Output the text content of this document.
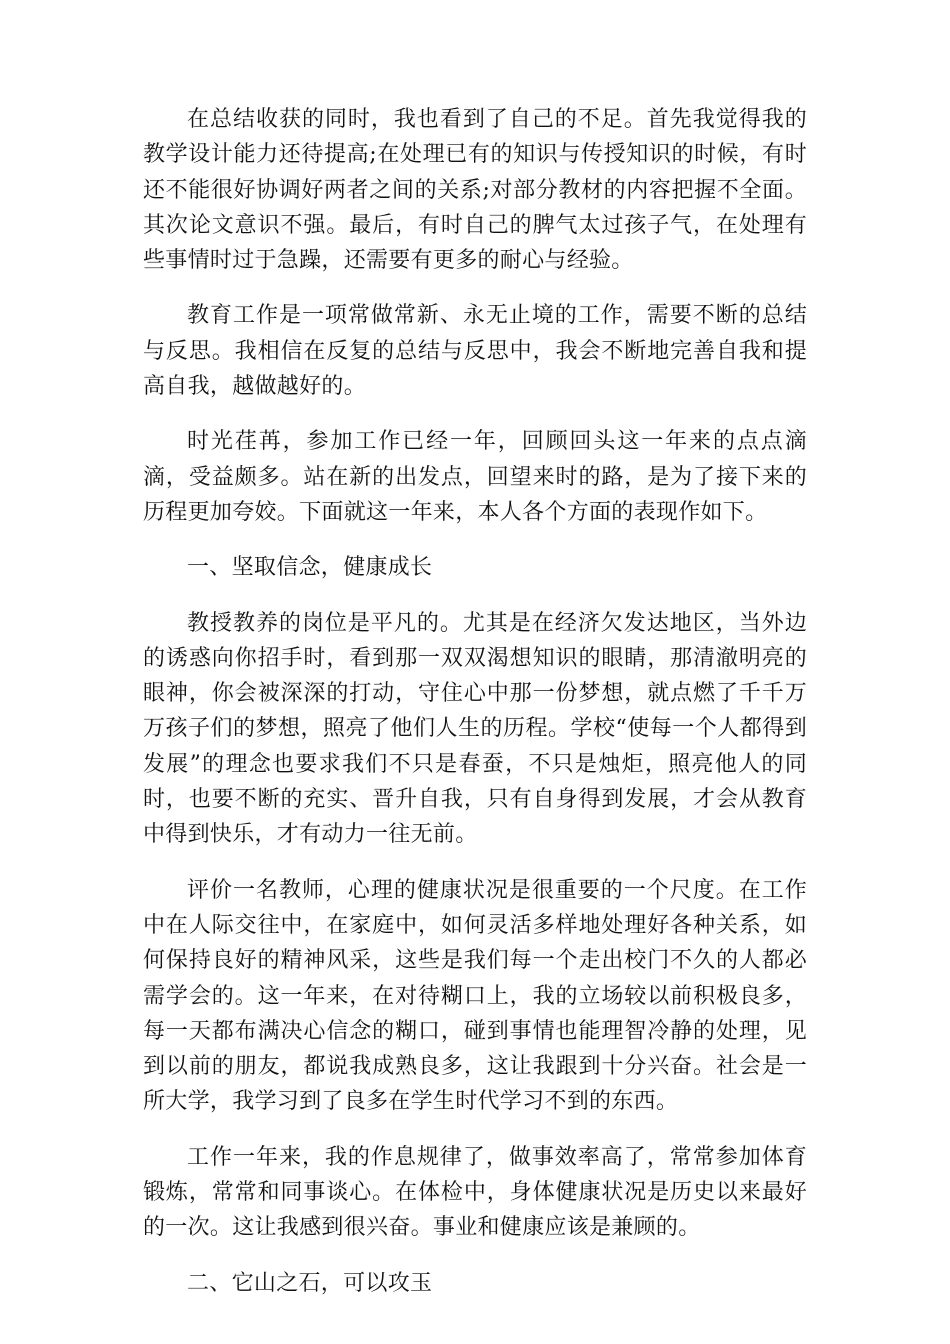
在总结收获的同时，我也看到了自己的不足。首先我觉得我的教学设计能力还待提高;在处理已有的知识与传授知识的时候，有时还不能很好协调好两者之间的关系;对部分教材的内容把握不全面。其次论文意识不强。最后，有时自己的脾气太过孩子气，在处理有些事情时过于急躁，还需要有更多的耐心与经验。

教育工作是一项常做常新、永无止境的工作，需要不断的总结与反思。我相信在反复的总结与反思中，我会不断地完善自我和提高自我，越做越好的。

时光荏苒，参加工作已经一年，回顾回头这一年来的点点滴滴，受益颇多。站在新的出发点，回望来时的路，是为了接下来的历程更加夸姣。下面就这一年来，本人各个方面的表现作如下。

一、坚取信念，健康成长

教授教养的岗位是平凡的。尤其是在经济欠发达地区，当外边的诱惑向你招手时，看到那一双双渴想知识的眼睛，那清澈明亮的眼神，你会被深深的打动，守住心中那一份梦想，就点燃了千千万万孩子们的梦想，照亮了他们人生的历程。学校“使每一个人都得到发展”的理念也要求我们不只是春蚕，不只是烛炬，照亮他人的同时，也要不断的充实、晋升自我，只有自身得到发展，才会从教育中得到快乐，才有动力一往无前。

评价一名教师，心理的健康状况是很重要的一个尺度。在工作中在人际交往中，在家庭中，如何灵活多样地处理好各种关系，如何保持良好的精神风采，这些是我们每一个走出校门不久的人都必需学会的。这一年来，在对待糊口上，我的立场较以前积极良多，每一天都布满决心信念的糊口，碰到事情也能理智冷静的处理，见到以前的朋友，都说我成熟良多，这让我跟到十分兴奋。社会是一所大学，我学习到了良多在学生时代学习不到的东西。

工作一年来，我的作息规律了，做事效率高了，常常参加体育锻炼，常常和同事谈心。在体检中，身体健康状况是历史以来最好的一次。这让我感到很兴奋。事业和健康应该是兼顾的。

二、它山之石，可以攻玉
